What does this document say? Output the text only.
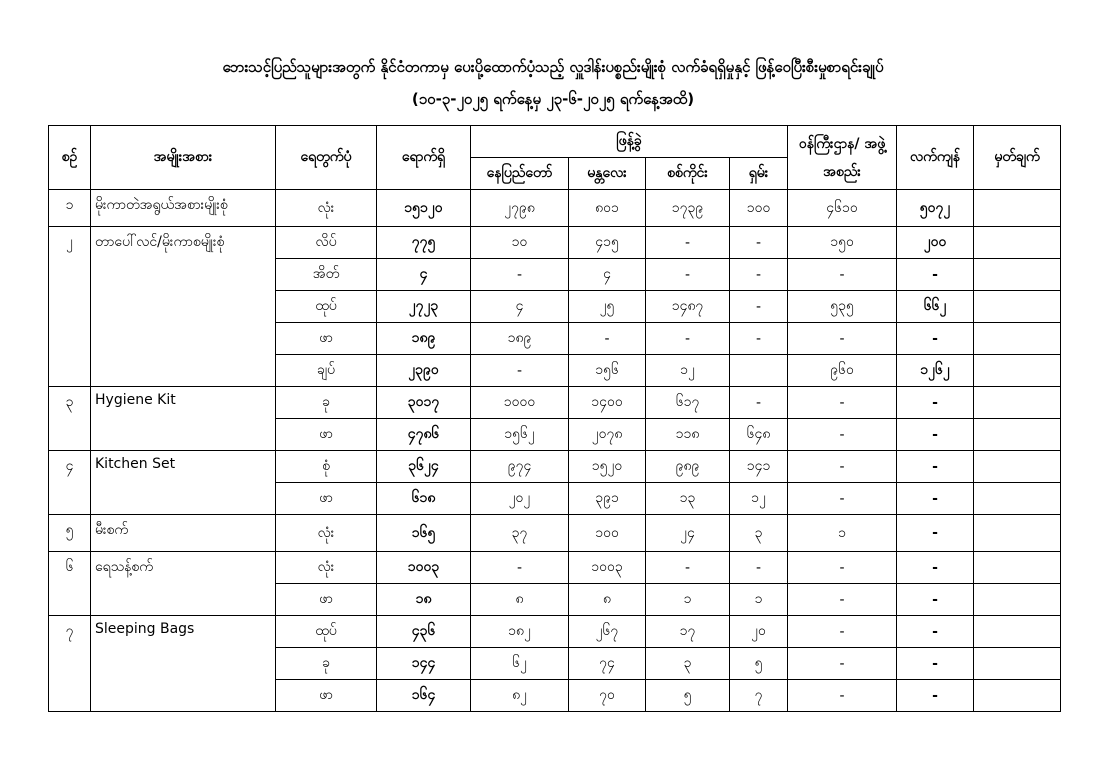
ဘေးသင့်ပြည်သူများအတွက် နိုင်ငံတကာမှ ပေးပို့ထောက်ပံ့သည့် လှူဒါန်းပစ္စည်းမျိုးစုံ လက်ခံရရှိမှုနှင့် ဖြန့်ဝေပြီးစီးမှုစာရင်းချုပ်
(၁၀-၃-၂၀၂၅ ရက်နေ့မှ ၂၃-၆-၂၀၂၅ ရက်နေ့အထိ)
စဉ်	အမျိုးအစား	ရေတွက်ပုံ	ရောက်ရှိ	ဖြန့်ခွဲ				ဝန်ကြီးဌာန/ အဖွဲ့အစည်း	လက်ကျန်	မှတ်ချက်
				နေပြည်တော်	မန္တလေး	စစ်ကိုင်း	ရှမ်း			
၁	မိုးကာတဲအရွယ်အစားမျိုးစုံ	လုံး	၁၅၁၂၀	၂၇၉၈	၈ဝ၁	၁၇၃၉	၁၀၀	၄၆၁၀	၅၀၇၂	
၂	တာပေါ်လင်/မိုးကာစမျိုးစုံ	လိပ်	၇၇၅	၁၀	၄၁၅	-	-	၁၅၀	၂၀၀	
		အိတ်	၄	-	၄	-	-	-	-	
		ထုပ်	၂၇၂၃	၄	၂၅	၁၄၈၇	-	၅၃၅	၆၆၂	
		ဖာ	၁၈၉	၁၈၉	-	-	-	-	-	
		ချပ်	၂၃၉၀	-	၁၅၆	၁၂		၉၆၀	၁၂၆၂	
၃	Hygiene Kit	ခု	၃၀၁၇	၁၀၀၀	၁၄၀၀	၆၁၇	-	-	-	
		ဖာ	၄၇၈၆	၁၅၆၂	၂၀၇၈	၁၁၈	၆၄၈	-	-	
၄	Kitchen Set	စုံ	၃၆၂၄	၉၇၄	၁၅၂၀	၉၈၉	၁၄၁	-	-	
		ဖာ	၆၁၈	၂၀၂	၃၉၁	၁၃	၁၂	-	-	
၅	မီးစက်	လုံး	၁၆၅	၃၇	၁၀၀	၂၄	၃	၁	-	
၆	ရေသန့်စက်	လုံး	၁၀၀၃	-	၁၀၀၃	-	-	-	-	
		ဖာ	၁၈	၈	၈	၁	၁	-	-	
၇	Sleeping Bags	ထုပ်	၄၃၆	၁၈၂	၂၆၇	၁၇	၂၀	-	-	
		ခု	၁၄၄	၆၂	၇၄	၃	၅	-	-	
		ဖာ	၁၆၄	၈၂	၇၀	၅	၇	-	-	
